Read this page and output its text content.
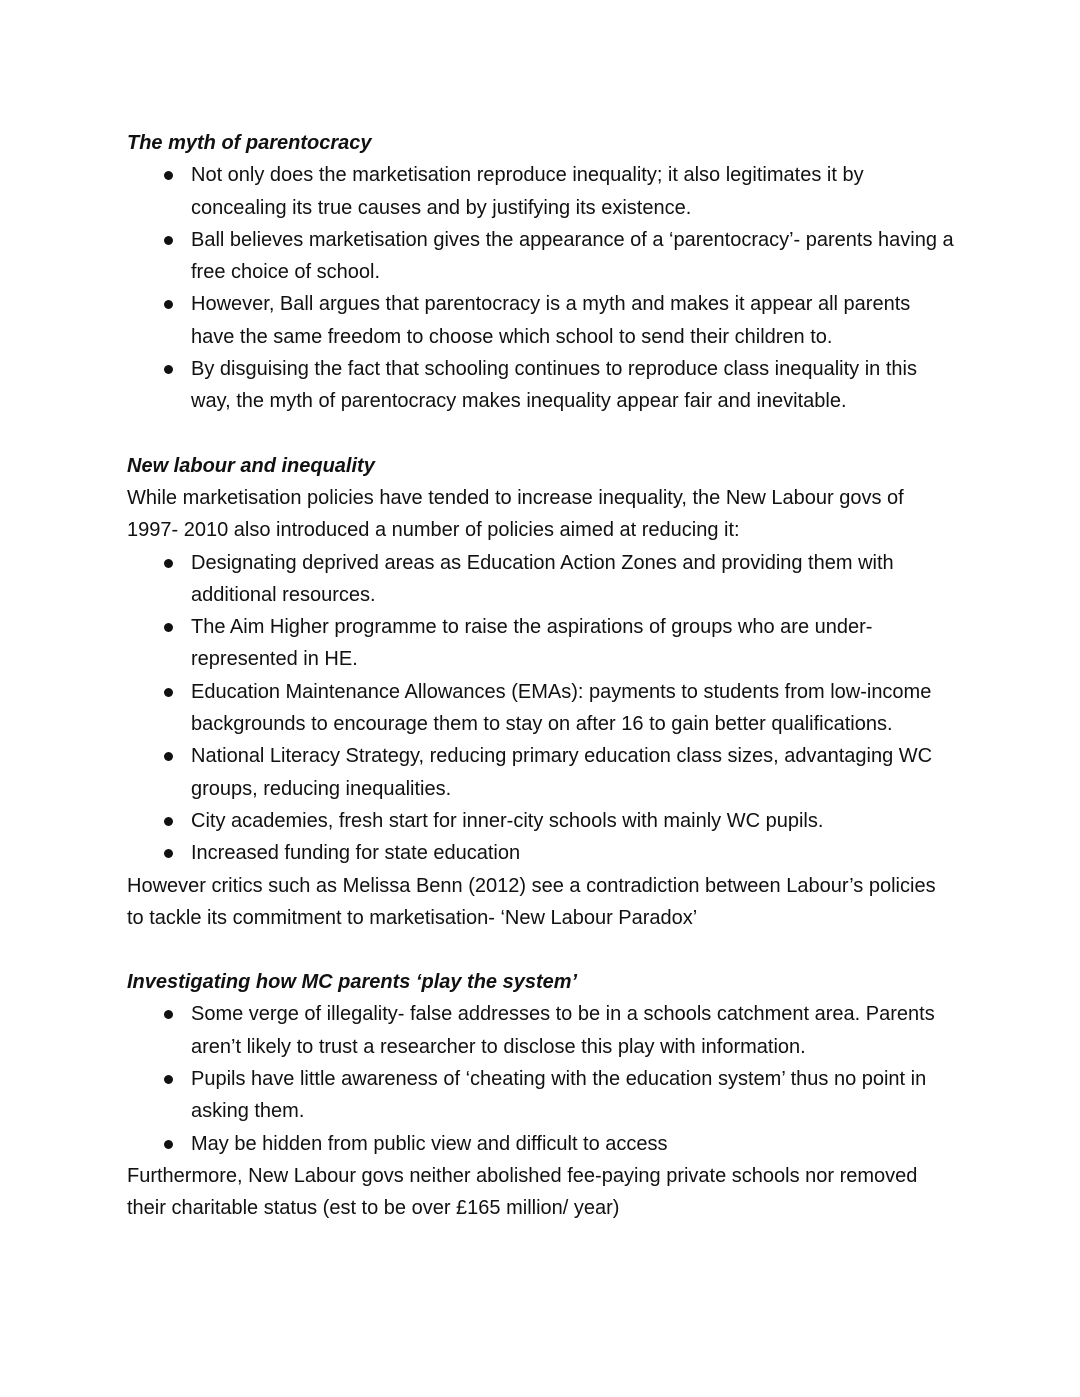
The myth of parentocracy

Not only does the marketisation reproduce inequality; it also legitimates it by concealing its true causes and by justifying its existence.
Ball believes marketisation gives the appearance of a ‘parentocracy’- parents having a free choice of school.
However, Ball argues that parentocracy is a myth and makes it appear all parents have the same freedom to choose which school to send their children to.
By disguising the fact that schooling continues to reproduce class inequality in this way, the myth of parentocracy makes inequality appear fair and inevitable.

New labour and inequality

While marketisation policies have tended to increase inequality, the New Labour govs of 1997- 2010 also introduced a number of policies aimed at reducing it:

Designating deprived areas as Education Action Zones and providing them with additional resources.
The Aim Higher programme to raise the aspirations of groups who are under-represented in HE.
Education Maintenance Allowances (EMAs): payments to students from low-income backgrounds to encourage them to stay on after 16 to gain better qualifications.
National Literacy Strategy, reducing primary education class sizes, advantaging WC groups, reducing inequalities.
City academies, fresh start for inner-city schools with mainly WC pupils.
Increased funding for state education

However critics such as Melissa Benn (2012) see a contradiction between Labour’s policies to tackle its commitment to marketisation- ‘New Labour Paradox’

Investigating how MC parents ‘play the system’

Some verge of illegality- false addresses to be in a schools catchment area. Parents aren’t likely to trust a researcher to disclose this play with information.
Pupils have little awareness of ‘cheating with the education system’ thus no point in asking them.
May be hidden from public view and difficult to access

Furthermore, New Labour govs neither abolished fee-paying private schools nor removed their charitable status (est to be over £165 million/ year)
